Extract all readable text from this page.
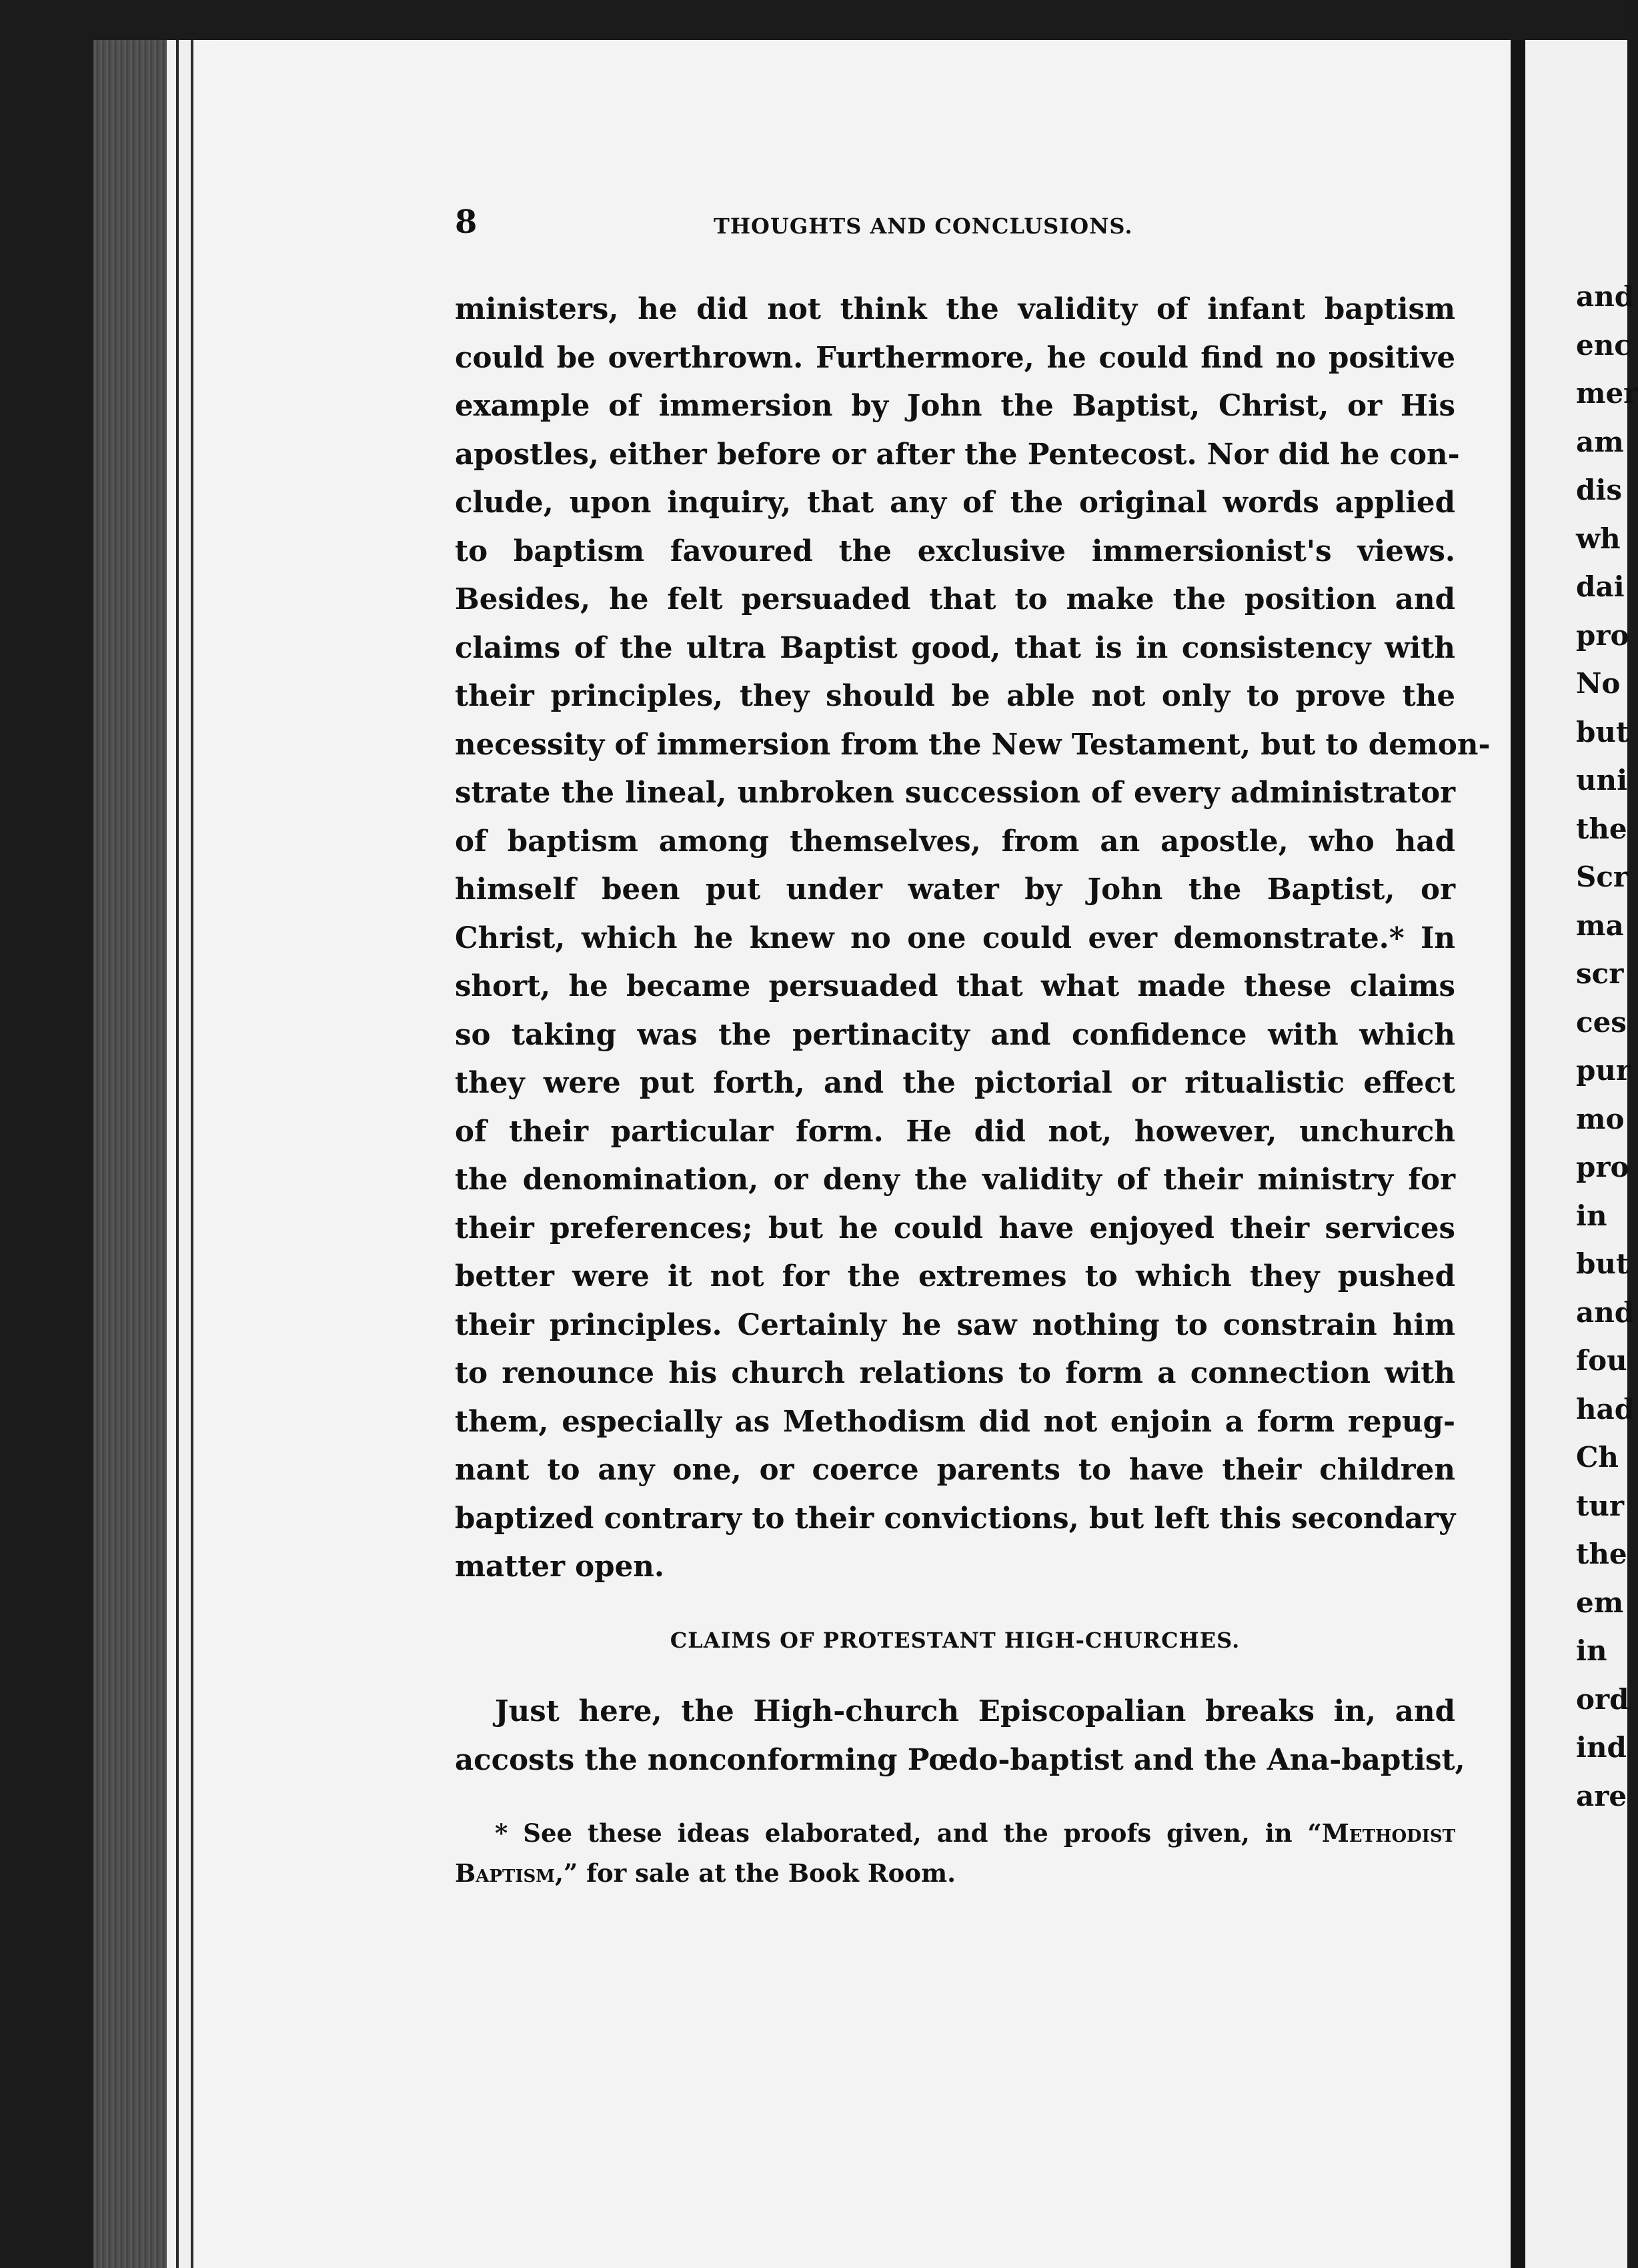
8	THOUGHTS AND CONCLUSIONS.
ministers, he did not think the validity of infant baptism
could be overthrown. Furthermore, he could find no positive
example of immersion by John the Baptist, Christ, or His
apostles, either before or after the Pentecost. Nor did he con-
clude, upon inquiry, that any of the original words applied
to baptism favoured the exclusive immersionist's views.
Besides, he felt persuaded that to make the position and
claims of the ultra Baptist good, that is in consistency with
their principles, they should be able not only to prove the
necessity of immersion from the New Testament, but to demon-
strate the lineal, unbroken succession of every administrator
of baptism among themselves, from an apostle, who had
himself been put under water by John the Baptist, or
Christ, which he knew no one could ever demonstrate.* In
short, he became persuaded that what made these claims
so taking was the pertinacity and confidence with which
they were put forth, and the pictorial or ritualistic effect
of their particular form. He did not, however, unchurch
the denomination, or deny the validity of their ministry for
their preferences; but he could have enjoyed their services
better were it not for the extremes to which they pushed
their principles. Certainly he saw nothing to constrain him
to renounce his church relations to form a connection with
them, especially as Methodism did not enjoin a form repug-
nant to any one, or coerce parents to have their children
baptized contrary to their convictions, but left this secondary
matter open.
CLAIMS OF PROTESTANT HIGH-CHURCHES.
Just here, the High-church Episcopalian breaks in, and
accosts the nonconforming Pœdo-baptist and the Ana-baptist,
* See these ideas elaborated, and the proofs given, in “Methodist
Baptism,” for sale at the Book Room.
and
enc
mer
am
dis
wh
dai
pro
No
but
uni
the
Scr
ma
scr
ces
pur
mo
pro
in
but
and
fou
had
Ch
tur
the
em
in
ord
ind
are
